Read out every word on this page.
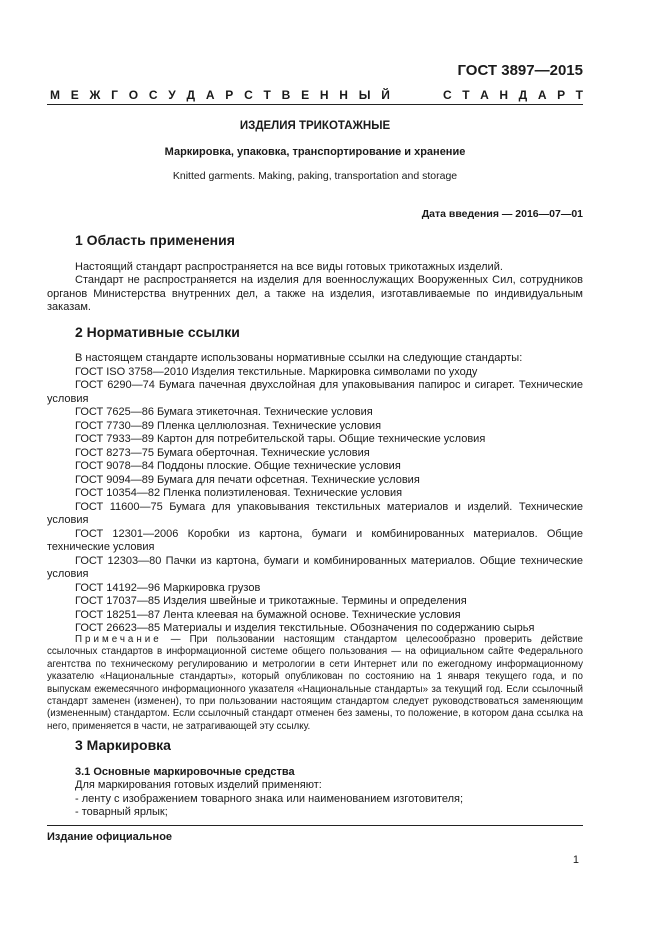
ГОСТ 3897—2015
М Е Ж Г О С У Д А Р С Т В Е Н Н Ы Й	С Т А Н Д А Р Т
ИЗДЕЛИЯ ТРИКОТАЖНЫЕ
Маркировка, упаковка, транспортирование и хранение
Knitted garments. Making, paking, transportation and storage
Дата введения — 2016—07—01
1 Область применения
Настоящий стандарт распространяется на все виды готовых трикотажных изделий.
Стандарт не распространяется на изделия для военнослужащих Вооруженных Сил, сотрудников органов Министерства внутренних дел, а также на изделия, изготавливаемые по индивидуальным заказам.
2 Нормативные ссылки
В настоящем стандарте использованы нормативные ссылки на следующие стандарты:
ГОСТ ISO 3758—2010 Изделия текстильные. Маркировка символами по уходу
ГОСТ 6290—74 Бумага пачечная двухслойная для упаковывания папирос и сигарет. Технические условия
ГОСТ 7625—86 Бумага этикеточная. Технические условия
ГОСТ 7730—89 Пленка целлюлозная. Технические условия
ГОСТ 7933—89 Картон для потребительской тары. Общие технические условия
ГОСТ 8273—75 Бумага оберточная. Технические условия
ГОСТ 9078—84 Поддоны плоские. Общие технические условия
ГОСТ 9094—89 Бумага для печати офсетная. Технические условия
ГОСТ 10354—82 Пленка полиэтиленовая. Технические условия
ГОСТ 11600—75 Бумага для упаковывания текстильных материалов и изделий. Технические условия
ГОСТ 12301—2006 Коробки из картона, бумаги и комбинированных материалов. Общие технические условия
ГОСТ 12303—80 Пачки из картона, бумаги и комбинированных материалов. Общие технические условия
ГОСТ 14192—96 Маркировка грузов
ГОСТ 17037—85 Изделия швейные и трикотажные. Термины и определения
ГОСТ 18251—87 Лента клеевая на бумажной основе. Технические условия
ГОСТ 26623—85 Материалы и изделия текстильные. Обозначения по содержанию сырья
Примечание — При пользовании настоящим стандартом целесообразно проверить действие ссылочных стандартов в информационной системе общего пользования — на официальном сайте Федерального агентства по техническому регулированию и метрологии в сети Интернет или по ежегодному информационному указателю «Национальные стандарты», который опубликован по состоянию на 1 января текущего года, и по выпускам ежемесячного информационного указателя «Национальные стандарты» за текущий год. Если ссылочный стандарт заменен (изменен), то при пользовании настоящим стандартом следует руководствоваться заменяющим (измененным) стандартом. Если ссылочный стандарт отменен без замены, то положение, в котором дана ссылка на него, применяется в части, не затрагивающей эту ссылку.
3 Маркировка
3.1 Основные маркировочные средства
Для маркирования готовых изделий применяют:
- ленту с изображением товарного знака или наименованием изготовителя;
- товарный ярлык;
Издание официальное
1
